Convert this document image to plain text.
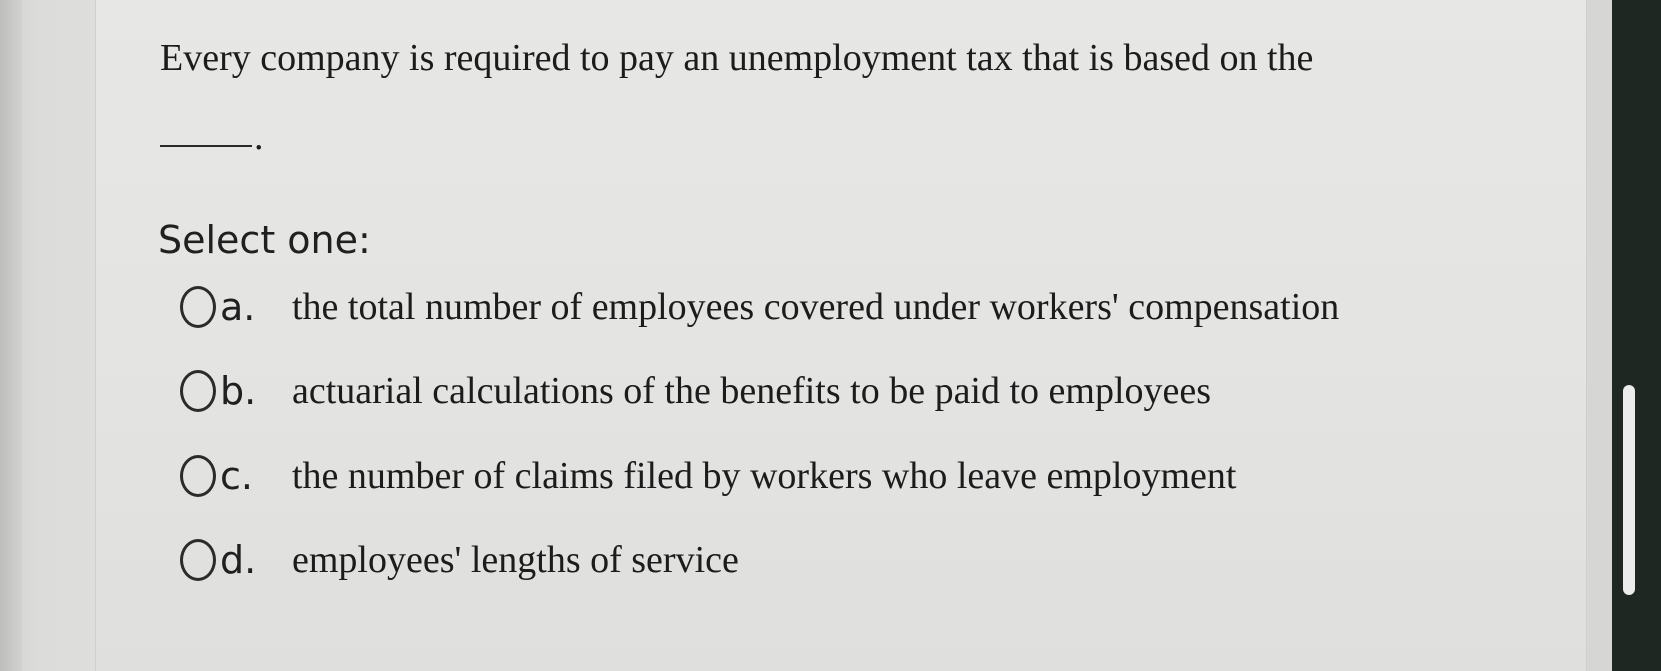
Every company is required to pay an unemployment tax that is based on the

.
Select one:
a. the total number of employees covered under workers' compensation
b. actuarial calculations of the benefits to be paid to employees
c.	the number of claims filed by workers who leave employment
d. employees' lengths of service
